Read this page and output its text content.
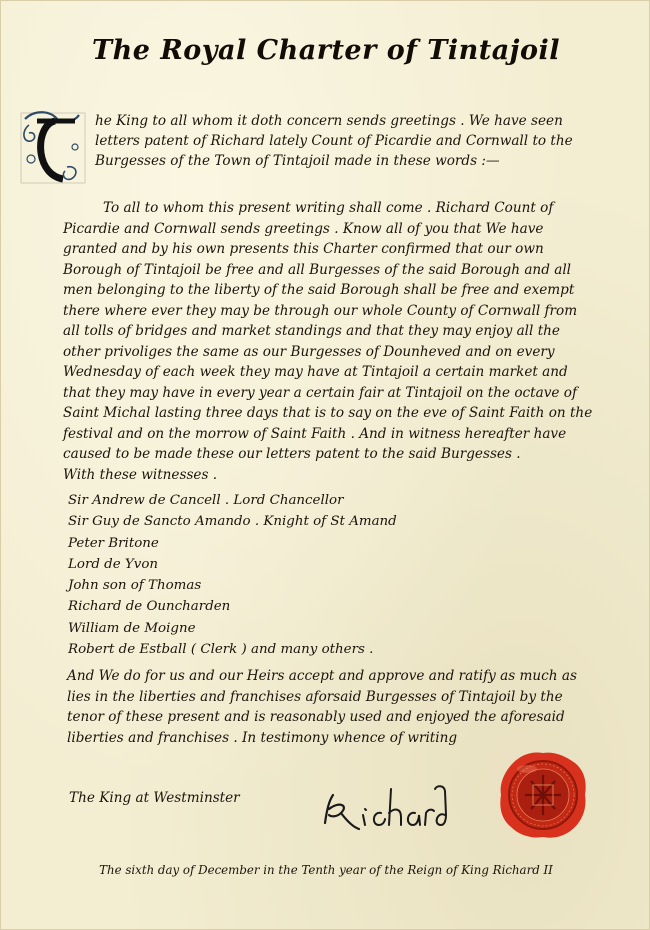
The Royal Charter of Tintajoil

he King to all whom it doth concern sends greetings . We have seen letters patent of Richard lately Count of Picardie and Cornwall to the Burgesses of the Town of Tintajoil made in these words :—

To all to whom this present writing shall come . Richard Count of Picardie and Cornwall sends greetings . Know all of you that We have granted and by his own presents this Charter confirmed that our own Borough of Tintajoil be free and all Burgesses of the said Borough and all men belonging to the liberty of the said Borough shall be free and exempt there where ever they may be through our whole County of Cornwall from all tolls of bridges and market standings and that they may enjoy all the other privoliges the same as our Burgesses of Dounheved and on every Wednesday of each week they may have at Tintajoil a certain market and that they may have in every year a certain fair at Tintajoil on the octave of Saint Michal lasting three days that is to say on the eve of Saint Faith on the festival and on the morrow of Saint Faith . And in witness hereafter have caused to be made these our letters patent to the said Burgesses .

With these witnesses .

Sir Andrew de Cancell . Lord Chancellor
Sir Guy de Sancto Amando . Knight of St Amand
Peter Britone
Lord de Yvon
John son of Thomas
Richard de Ouncharden
William de Moigne
Robert de Estball ( Clerk ) and many others .

And We do for us and our Heirs accept and approve and ratify as much as lies in the liberties and franchises aforsaid Burgesses of Tintajoil by the tenor of these present and is reasonably used and enjoyed the aforesaid liberties and franchises . In testimony whence of writing

The King at Westminster
The sixth day of December in the Tenth year of the Reign of King Richard II
